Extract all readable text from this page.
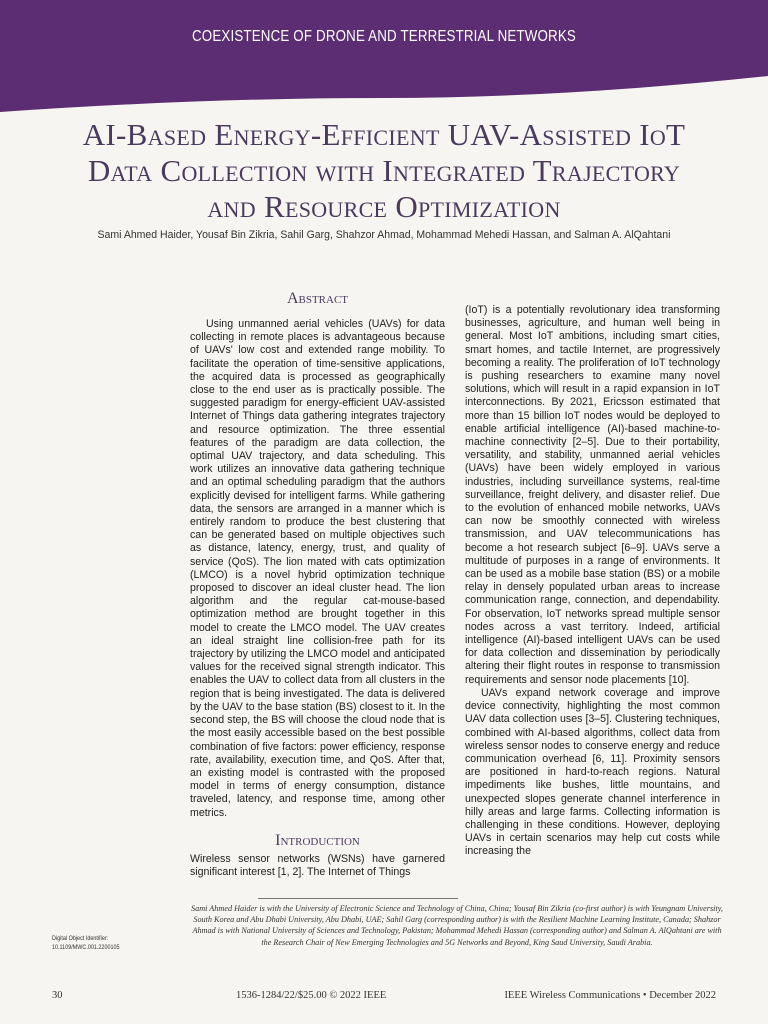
COEXISTENCE OF DRONE AND TERRESTRIAL NETWORKS
AI-Based Energy-Efficient UAV-Assisted IoT
Data Collection with Integrated Trajectory
and Resource Optimization
Sami Ahmed Haider, Yousaf Bin Zikria, Sahil Garg, Shahzor Ahmad, Mohammad Mehedi Hassan, and Salman A. AlQahtani
Abstract

Using unmanned aerial vehicles (UAVs) for data collecting in remote places is advantageous because of UAVs' low cost and extended range mobility. To facilitate the operation of time-sensitive applications, the acquired data is processed as geographically close to the end user as is practically possible. The suggested paradigm for energy-efficient UAV-assisted Internet of Things data gathering integrates trajectory and resource optimization. The three essential features of the paradigm are data collection, the optimal UAV trajectory, and data scheduling. This work utilizes an innovative data gathering technique and an optimal scheduling paradigm that the authors explicitly devised for intelligent farms. While gathering data, the sensors are arranged in a manner which is entirely random to produce the best clustering that can be generated based on multiple objectives such as distance, latency, energy, trust, and quality of service (QoS). The lion mated with cats optimization (LMCO) is a novel hybrid optimization technique proposed to discover an ideal cluster head. The lion algorithm and the regular cat-mouse-based optimization method are brought together in this model to create the LMCO model. The UAV creates an ideal straight line collision-free path for its trajectory by utilizing the LMCO model and anticipated values for the received signal strength indicator. This enables the UAV to collect data from all clusters in the region that is being investigated. The data is delivered by the UAV to the base station (BS) closest to it. In the second step, the BS will choose the cloud node that is the most easily accessible based on the best possible combination of five factors: power efficiency, response rate, availability, execution time, and QoS. After that, an existing model is contrasted with the proposed model in terms of energy consumption, distance traveled, latency, and response time, among other metrics.

Introduction

Wireless sensor networks (WSNs) have garnered significant interest [1, 2]. The Internet of Things

(IoT) is a potentially revolutionary idea transforming businesses, agriculture, and human well being in general. Most IoT ambitions, including smart cities, smart homes, and tactile Internet, are progressively becoming a reality. The proliferation of IoT technology is pushing researchers to examine many novel solutions, which will result in a rapid expansion in IoT interconnections. By 2021, Ericsson estimated that more than 15 billion IoT nodes would be deployed to enable artificial intelligence (AI)-based machine-to-machine connectivity [2–5]. Due to their portability, versatility, and stability, unmanned aerial vehicles (UAVs) have been widely employed in various industries, including surveillance systems, real-time surveillance, freight delivery, and disaster relief. Due to the evolution of enhanced mobile networks, UAVs can now be smoothly connected with wireless transmission, and UAV telecommunications has become a hot research subject [6–9]. UAVs serve a multitude of purposes in a range of environments. It can be used as a mobile base station (BS) or a mobile relay in densely populated urban areas to increase communication range, connection, and dependability. For observation, IoT networks spread multiple sensor nodes across a vast territory. Indeed, artificial intelligence (AI)-based intelligent UAVs can be used for data collection and dissemination by periodically altering their flight routes in response to transmission requirements and sensor node placements [10].

UAVs expand network coverage and improve device connectivity, highlighting the most common UAV data collection uses [3–5]. Clustering techniques, combined with AI-based algorithms, collect data from wireless sensor nodes to conserve energy and reduce communication overhead [6, 11]. Proximity sensors are positioned in hard-to-reach regions. Natural impediments like bushes, little mountains, and unexpected slopes generate channel interference in hilly areas and large farms. Collecting information is challenging in these conditions. However, deploying UAVs in certain scenarios may help cut costs while increasing the

Sami Ahmed Haider is with the University of Electronic Science and Technology of China, China; Yousaf Bin Zikria (co-first author) is with Yeungnam University, South Korea and Abu Dhabi University, Abu Dhabi, UAE; Sahil Garg (corresponding author) is with the Resilient Machine Learning Institute, Canada; Shahzor Ahmad is with National University of Sciences and Technology, Pakistan; Mohammad Mehedi Hassan (corresponding author) and Salman A. AlQahtani are with the Research Chair of New Emerging Technologies and 5G Networks and Beyond, King Saud University, Saudi Arabia.
Digital Object Identifier:
10.1109/MWC.001.2200105
30	1536-1284/22/$25.00 © 2022 IEEE	IEEE Wireless Communications • December 2022
